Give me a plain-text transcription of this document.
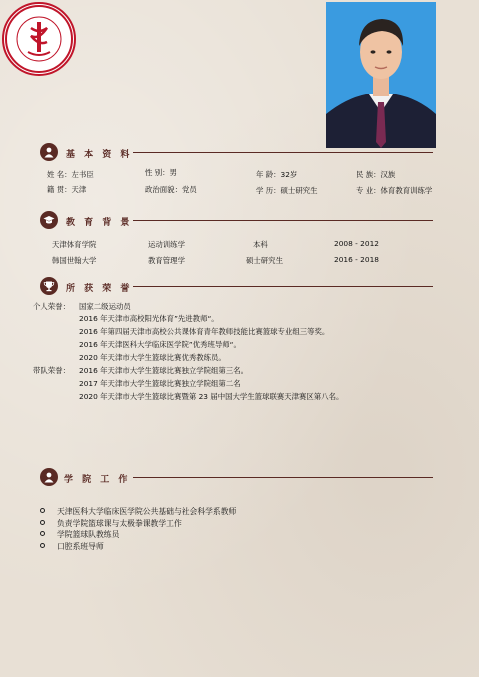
基 本 资 料
姓 名：左书臣	性 别：男	年 龄：32岁	民 族：汉族
籍 贯：天津	政治面貌：党员	学 历：硕士研究生	专 业：体育教育训练学
教 育 背 景
天津体育学院	运动训练学	本科	2008 - 2012
韩国世翰大学	教育管理学	硕士研究生	2016 - 2018
所 获 荣 誉
个人荣誉： 国家二级运动员
2016 年天津市高校阳光体育”先进教师“。
2016 年第四届天津市高校公共课体育青年教师技能比赛篮球专业组三等奖。
2016 年天津医科大学临床医学院”优秀班导师“。
2020 年天津市大学生篮球比赛优秀教练员。
带队荣誉： 2016 年天津市大学生篮球比赛独立学院组第三名。
2017 年天津市大学生篮球比赛独立学院组第二名
2020 年天津市大学生篮球比赛暨第 23 届中国大学生篮球联赛天津赛区第八名。
学 院 工 作
天津医科大学临床医学院公共基础与社会科学系教师
负责学院篮球课与太极拳课教学工作
学院篮球队教练员
口腔系班导师
